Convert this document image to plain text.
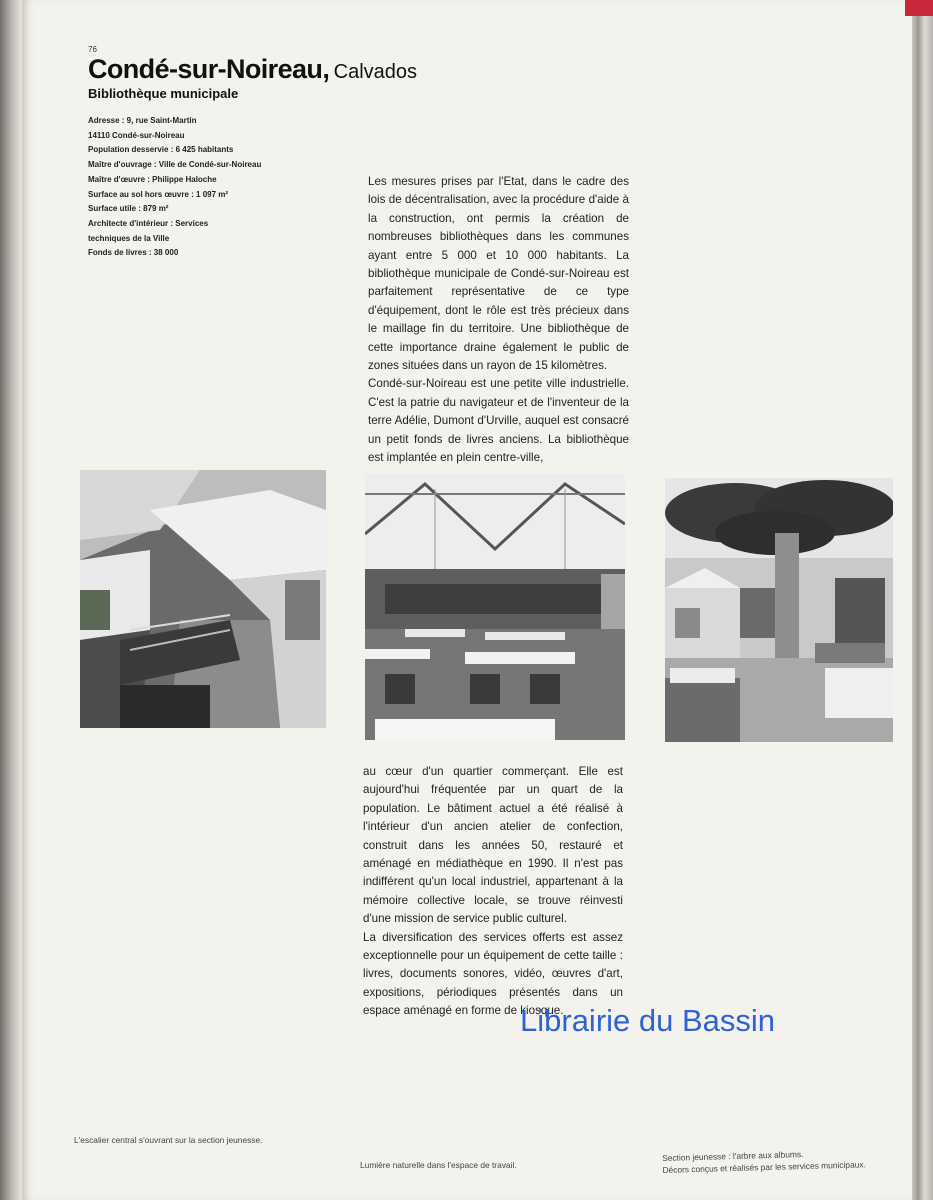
76
Condé-sur-Noireau, Calvados
Bibliothèque municipale
Adresse : 9, rue Saint-Martin
14110 Condé-sur-Noireau
Population desservie : 6 425 habitants
Maître d'ouvrage : Ville de Condé-sur-Noireau
Maître d'œuvre : Philippe Haloche
Surface au sol hors œuvre : 1 097 m²
Surface utile : 879 m²
Architecte d'intérieur : Services
techniques de la Ville
Fonds de livres : 38 000

Les mesures prises par l'Etat, dans le cadre des lois de décentralisation, avec la procédure d'aide à la construction, ont permis la création de nombreuses bibliothèques dans les communes ayant entre 5 000 et 10 000 habitants. La bibliothèque municipale de Condé-sur-Noireau est parfaitement représentative de ce type d'équipement, dont le rôle est très précieux dans le maillage fin du territoire. Une bibliothèque de cette importance draine également le public de zones situées dans un rayon de 15 kilomètres.

Condé-sur-Noireau est une petite ville industrielle. C'est la patrie du navigateur et de l'inventeur de la terre Adélie, Dumont d'Urville, auquel est consacré un petit fonds de livres anciens. La bibliothèque est implantée en plein centre-ville,

au cœur d'un quartier commerçant. Elle est aujourd'hui fréquentée par un quart de la population. Le bâtiment actuel a été réalisé à l'intérieur d'un ancien atelier de confection, construit dans les années 50, restauré et aménagé en médiathèque en 1990. Il n'est pas indifférent qu'un local industriel, appartenant à la mémoire collective locale, se trouve réinvesti d'une mission de service public culturel.

La diversification des services offerts est assez exceptionnelle pour un équipement de cette taille : livres, documents sonores, vidéo, œuvres d'art, expositions, périodiques présentés dans un espace aménagé en forme de kiosque.

Librairie du Bassin
L'escalier central s'ouvrant sur la section jeunesse.
Lumière naturelle dans l'espace de travail.
Section jeunesse : l'arbre aux albums.
Décors conçus et réalisés par les services municipaux.
